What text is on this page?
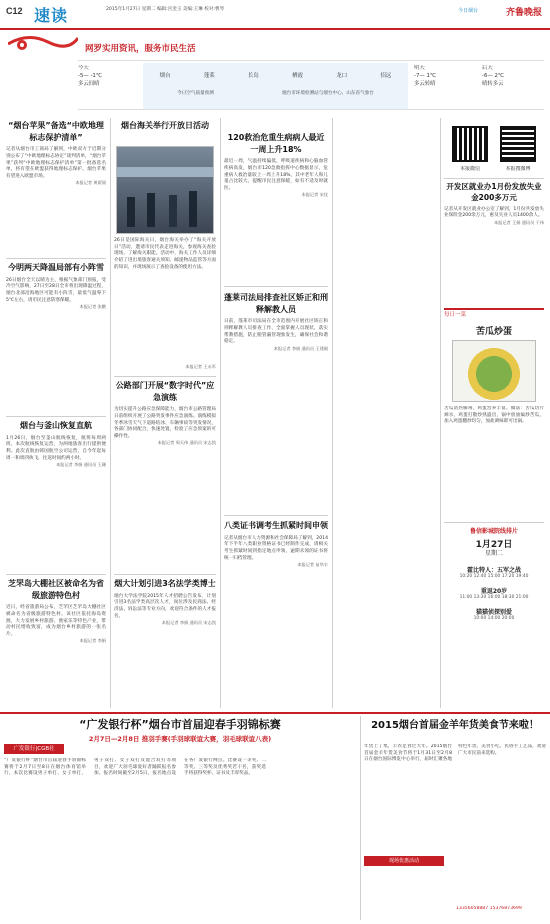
C12 速读	2015年1月27日 星期二 编辑:宫金玉 美编:王琳 校对:曹琴	今日烟台	齐鲁晚报
网罗实用资讯，服务市民生活
今天
-5— -1℃
多云间晴
烟台	蓬莱	长岛	栖霞	龙口	招远
今日空气质量预测	烟台市环境检测站与烟台中心、山东省气象台
明天
-7— 1℃
多云转晴
后天
-6— 2℃
晴转多云
“烟台苹果”备选“中欧地理标志保护清单”
记者从烟台市工商局了解到，中欧双方于近期分别公布了“中欧地理标志协定”谈判清单，“烟台苹果”获列“中欧地理标志保护清单”第一批备选名单，将有望在欧盟获得地理标志保护。烟台苹果有望进入欧盟市场。
本报记者 黄翟丽
今明两天降温局部有小阵雪
26日烟台全天以晴为主，根据气象部门预报，受冷空气影响，27日至28日全市将出现降温过程，烟台北部沿海地区可能有小阵雪，最低气温零下5℃左右，请市民注意防寒保暖。
本报记者 张鹏
烟台与釜山恢复直航
1月26日，烟台至釜山航线恢复，航班每周两班，本次航线恢复运营，为两地旅客出行提供便利。此次直航由韩国航空公司运营，自今年起每周一和周四执飞，往返时间约两小时。
本报记者 李娟 通讯员 王珊
芝罘岛大棚社区被命名为省级旅游特色村
近日，经省旅游局公布，芝罘区芝罘岛大棚社区被命名为省级旅游特色村。该社区依托海岛资源，大力发展乡村旅游、渔家乐等特色产业，带动村民增收致富，成为烟台乡村旅游的一张名片。
本报记者 李娟
烟台海关举行开放日活动
26日是国际海关日，烟台海关举办了“海关开放日”活动，邀请市民代表走进海关，参观海关查验现场，了解海关职能。活动中，海关工作人员详细介绍了进出境旅客通关须知、邮递物品监管等方面的知识，并现场演示了查验设备的使用方法。
本报记者 王永军
公路部门开展“数字时代”应急演练
为切实提升公路应急保障能力，烟台市公路管理局日前组织开展了公路突发事件应急演练。演练模拟冬季冰雪天气下道路结冰、车辆事故等突发情况，各部门协同配合，快速处置，检验了应急预案的可操作性。
本报记者 周天伟 通讯员 宋志凯
烟大计划引进3名法学类博士
烟台大学法学院2015年人才招聘公告发布，计划引进3名法学类高层次人才，岗位涉及民商法、经济法、诉讼法等专业方向，欢迎符合条件的人才报名。
本报记者 李娟 通讯员 宋志凯
120救治危重生病病人最近一周上升18%
最近一周，气温持续偏低，呼吸道疾病和心脑血管疾病高发，烟台市120急救指挥中心数据显示，危重病人救治量较上一周上升18%，其中老年人和儿童占比较大。提醒市民注意保暖，如有不适及时就医。
本报记者 宋佳
蓬莱司法局排查社区矫正和刑释解教人员
日前，蓬莱市司法局在全市范围内开展社区矫正和刑释解教人员排查工作，全面掌握人员现状，落实帮教措施，防止脱管漏管现象发生，确保社会和谐稳定。
本报记者 李娟 通讯员 王建刚
八类证书调考生抓紧时间申领
记者从烟台市人力资源和社会保障局了解到，2014年下半年八类职业资格证书已经制作完成，请相关考生抓紧时间到指定地点申领，逾期未领的证书将统一归档管理。
本报记者 苗华丰
本报微信	本报搜微博
开发区就业办1月份发放失业金200多万元
记者从开发区就业办公室了解到，1月份共发放失业保险金200余万元，惠及失业人员1400余人。
本报记者 王娟 通讯员 于伟
每日一菜
苦瓜炒蛋
苦瓜清热解毒，鸡蛋营养丰富。做法：苦瓜切片焯水，鸡蛋打散炒熟盛出，锅中放油煸炒苦瓜，加入鸡蛋翻炒均匀，加盐调味即可出锅。
鲁信影城院线排片
1月27日
星期二
霍比特人：五军之战
10:20 12:40 15:00 17:20 19:40
重返20岁
11:00 13:30 16:00 18:30 21:00
猫猫侦探别爱
10:00 14:00 20:00
“广发银行杯”烟台市首届迎春手羽锦标赛
2月7日—2月8日 推羽手赛(手羽球联谊大赛，羽毛球联谊八表)
广发银行|CGB社
“广发银行杯”烟台市首届迎春手羽锦标赛将于2月7日至8日在烟台体育馆举行，本次比赛设男子单打、女子单打、男子双打、女子双打及混合双打等项目，欢迎广大羽毛球爱好者踊跃报名参加。报名时间截至2月5日，报名地点设在各广发银行网点。比赛设一等奖、二等奖、三等奖及优秀奖若干名，获奖选手将获得奖杯、证书及丰厚奖品。
2015烟台首届金羊年货美食节来啦！
年货上了集，丰衣足食过大年。2015烟台首届金羊年货美食节将于1月31日至2月8日在烟台国际博览中心举行，届时汇聚各地特色年货、美食小吃、民俗手工艺品，欢迎广大市民前来选购。
现场优惠活动
13356058887 15376873699
